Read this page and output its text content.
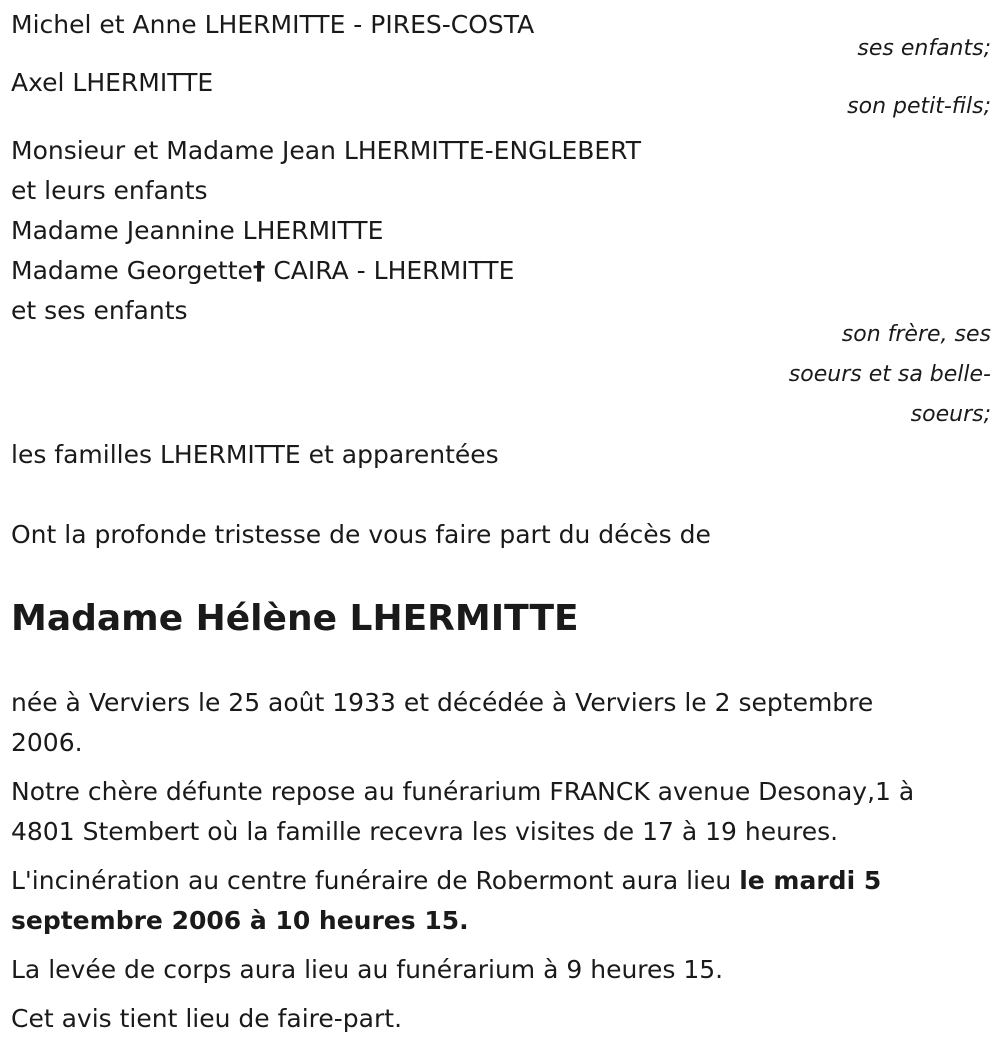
Michel et Anne LHERMITTE - PIRES-COSTA
ses enfants;
Axel LHERMITTE
son petit-fils;
Monsieur et Madame Jean LHERMITTE-ENGLEBERT
et leurs enfants
Madame Jeannine LHERMITTE
Madame Georgette† CAIRA - LHERMITTE
et ses enfants
son frère, ses
soeurs et sa belle-
soeurs;
les familles LHERMITTE et apparentées
Ont la profonde tristesse de vous faire part du décès de
Madame Hélène LHERMITTE
née à Verviers le 25 août 1933 et décédée à Verviers le 2 septembre 2006.
Notre chère défunte repose au funérarium FRANCK avenue Desonay,1 à 4801 Stembert où la famille recevra les visites de 17 à 19 heures.
L'incinération au centre funéraire de Robermont aura lieu le mardi 5 septembre 2006 à 10 heures 15.
La levée de corps aura lieu au funérarium à 9 heures 15.
Cet avis tient lieu de faire-part.
